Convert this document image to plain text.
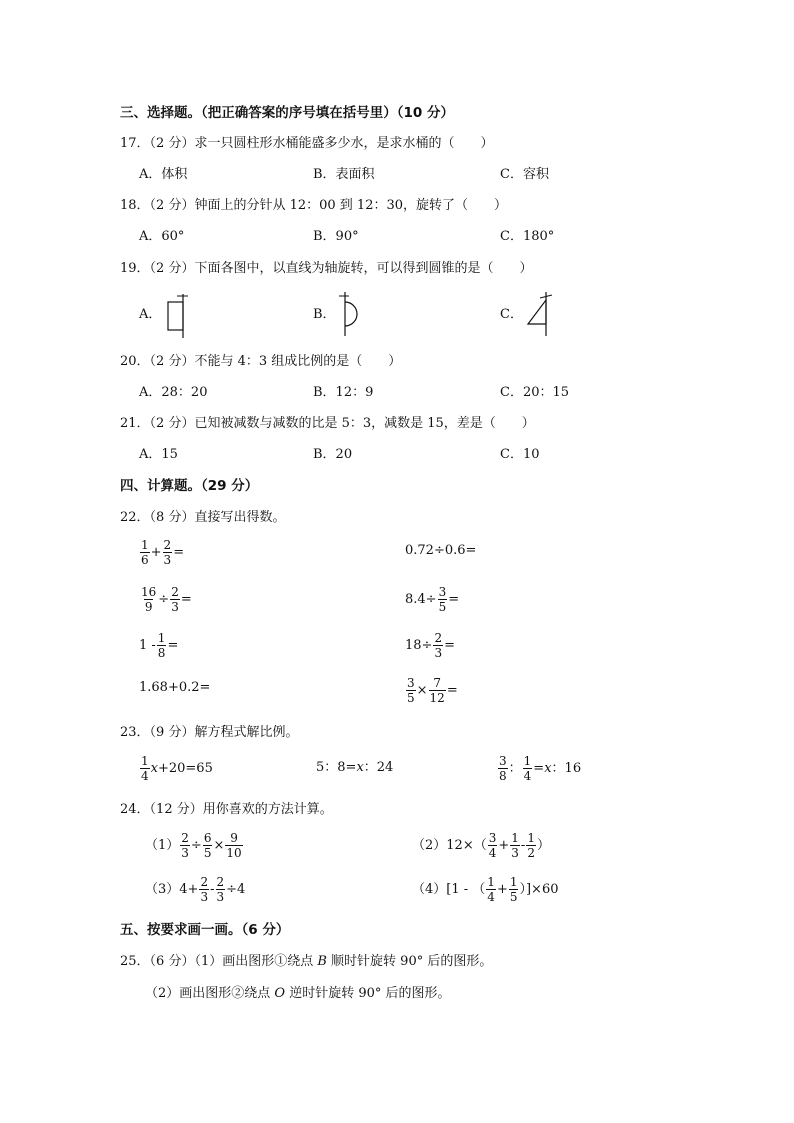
三、选择题。（把正确答案的序号填在括号里）（10 分）
17．（2 分）求一只圆柱形水桶能盛多少水，是求水桶的（　　）
A．体积	B．表面积	C．容积
18．（2 分）钟面上的分针从 12：00 到 12：30，旋转了（　　）
A．60°	B．90°	C．180°
19．（2 分）下面各图中，以直线为轴旋转，可以得到圆锥的是（　　）
A．	B．	C．
20．（2 分）不能与 4：3 组成比例的是（　　）
A．28：20	B．12：9	C．20：15
21．（2 分）已知被减数与减数的比是 5：3，减数是 15，差是（　　）
A．15	B．20	C．10
四、计算题。（29 分）
22．（8 分）直接写出得数。
$\frac{1}{6} + \frac{2}{3}$ =	0.72÷0.6=
$\frac{16}{9} \div \frac{2}{3}$ =	$8.4\div \frac{3}{5}$ =
$1 - \frac{1}{8}$ =	$18\div \frac{2}{3}$ =
1.68+0.2=	$\frac{3}{5} \times \frac{7}{12}$ =
23．（9 分）解方程式解比例。
$\frac{1}{4}$ x +20=65	5：8= x ：24	$\frac{3}{8}$ ： $\frac{1}{4} = x$ ：16
24．（12 分）用你喜欢的方法计算。
$(1) \frac{2}{3} \div \frac{6}{5} \times \frac{9}{10}$	（2） $12\times( \frac{3}{4} + \frac{1}{3} - \frac{1}{2}$ ）
（3） $4+ \frac{2}{3} - \frac{2}{3} \div 4$	（4） [1 - （ $\frac{1}{4} + \frac{1}{5} )]\times 60$
五、按要求画一画。（6 分）
25．（6 分）（1）画出图形①绕点 B 顺时针旋转 90° 后的图形。
（2）画出图形②绕点 O 逆时针旋转 90° 后的图形。
